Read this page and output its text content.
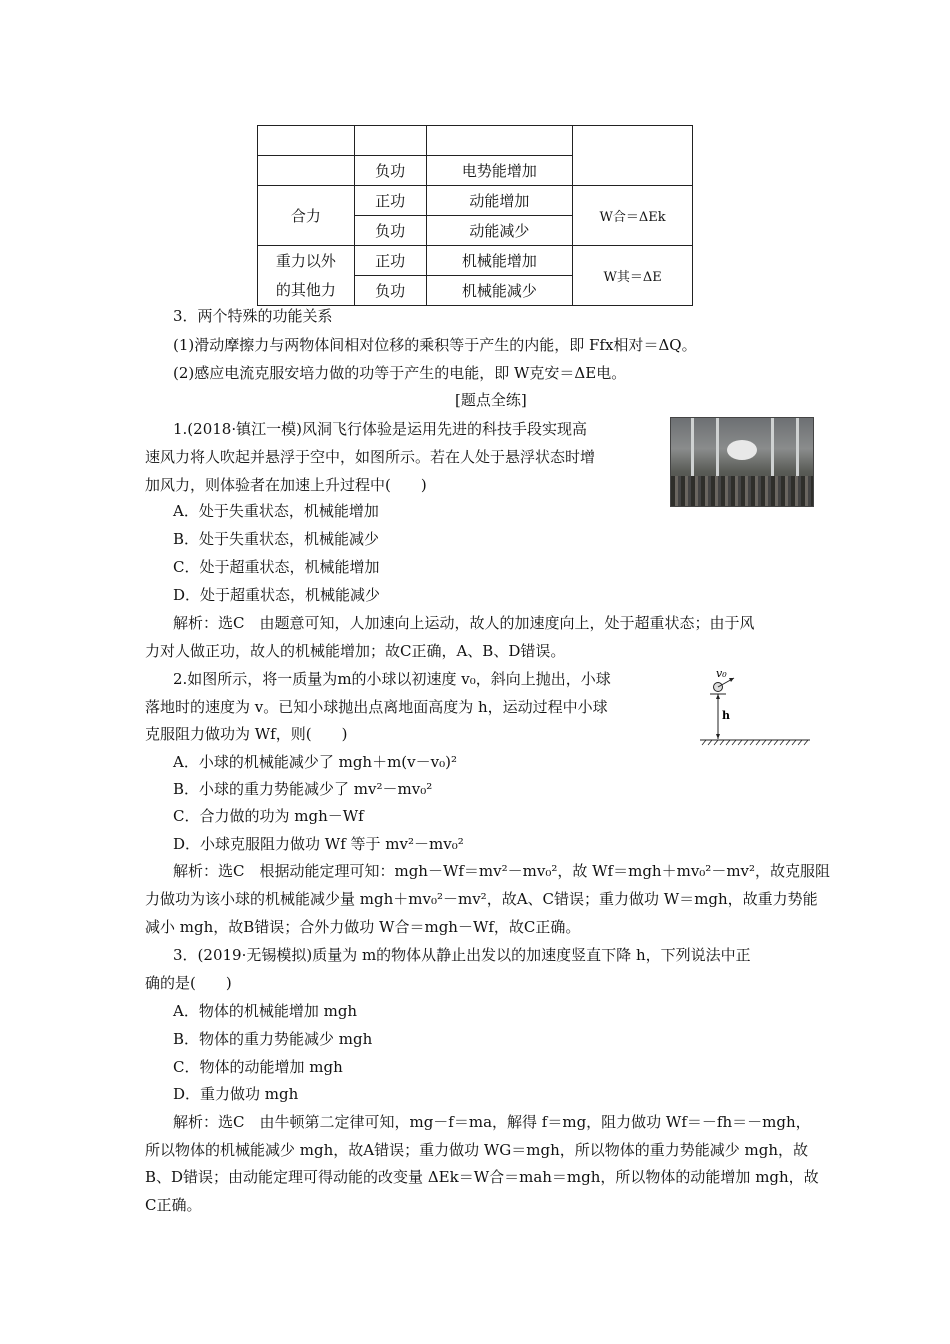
	负功	电势能增加	
合力	正功	动能增加	W合＝ΔEk
	负功	动能减少	

重力以外
的其他力	正功	机械能增加	W其＝ΔE
	负功	机械能减少	
3．两个特殊的功能关系
(1)滑动摩擦力与两物体间相对位移的乘积等于产生的内能，即 Ffx相对＝ΔQ。
(2)感应电流克服安培力做的功等于产生的电能，即 W克安＝ΔE电。
[题点全练]
1.(2018·镇江一模)风洞飞行体验是运用先进的科技手段实现高
速风力将人吹起并悬浮于空中，如图所示。若在人处于悬浮状态时增
加风力，则体验者在加速上升过程中(　　)
A．处于失重状态，机械能增加
B．处于失重状态，机械能减少
C．处于超重状态，机械能增加
D．处于超重状态，机械能减少
解析：选C　由题意可知，人加速向上运动，故人的加速度向上，处于超重状态；由于风
力对人做正功，故人的机械能增加；故C正确，A、B、D错误。
2.如图所示，将一质量为m的小球以初速度 v₀，斜向上抛出，小球
落地时的速度为 v。已知小球抛出点离地面高度为 h，运动过程中小球
克服阻力做功为 Wf，则(　　)
v₀
h
A．小球的机械能减少了 mgh＋m(v－v₀)²
B．小球的重力势能减少了 mv²－mv₀²
C．合力做的功为 mgh－Wf
D．小球克服阻力做功 Wf 等于 mv²－mv₀²
解析：选C　根据动能定理可知：mgh－Wf＝mv²－mv₀²，故 Wf＝mgh＋mv₀²－mv²，故克服阻
力做功为该小球的机械能减少量 mgh＋mv₀²－mv²，故A、C错误；重力做功 W＝mgh，故重力势能
减小 mgh，故B错误；合外力做功 W合＝mgh－Wf，故C正确。
3．(2019·无锡模拟)质量为 m的物体从静止出发以的加速度竖直下降 h，下列说法中正
确的是(　　)
A．物体的机械能增加 mgh
B．物体的重力势能减少 mgh
C．物体的动能增加 mgh
D．重力做功 mgh
解析：选C　由牛顿第二定律可知，mg－f＝ma，解得 f＝mg，阻力做功 Wf＝－fh＝－mgh，
所以物体的机械能减少 mgh，故A错误；重力做功 WG＝mgh，所以物体的重力势能减少 mgh，故
B、D错误；由动能定理可得动能的改变量 ΔEk＝W合＝mah＝mgh，所以物体的动能增加 mgh，故
C正确。
